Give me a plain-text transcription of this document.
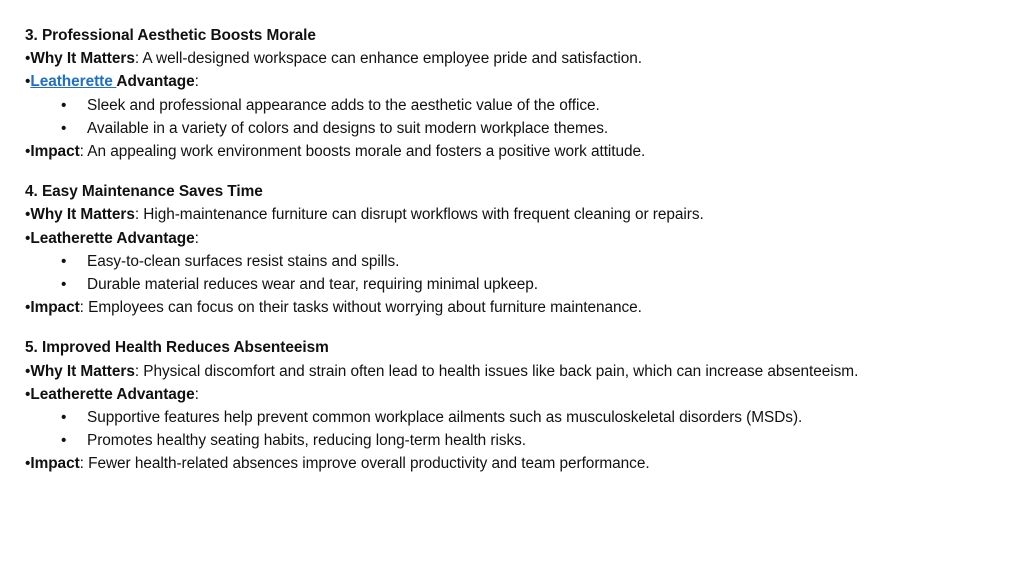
3. Professional Aesthetic Boosts Morale
•Why It Matters: A well-designed workspace can enhance employee pride and satisfaction.
•Leatherette Advantage:
• Sleek and professional appearance adds to the aesthetic value of the office.
• Available in a variety of colors and designs to suit modern workplace themes.
•Impact: An appealing work environment boosts morale and fosters a positive work attitude.
4. Easy Maintenance Saves Time
•Why It Matters: High-maintenance furniture can disrupt workflows with frequent cleaning or repairs.
•Leatherette Advantage:
• Easy-to-clean surfaces resist stains and spills.
• Durable material reduces wear and tear, requiring minimal upkeep.
•Impact: Employees can focus on their tasks without worrying about furniture maintenance.
5. Improved Health Reduces Absenteeism
•Why It Matters: Physical discomfort and strain often lead to health issues like back pain, which can increase absenteeism.
•Leatherette Advantage:
• Supportive features help prevent common workplace ailments such as musculoskeletal disorders (MSDs).
• Promotes healthy seating habits, reducing long-term health risks.
•Impact: Fewer health-related absences improve overall productivity and team performance.
